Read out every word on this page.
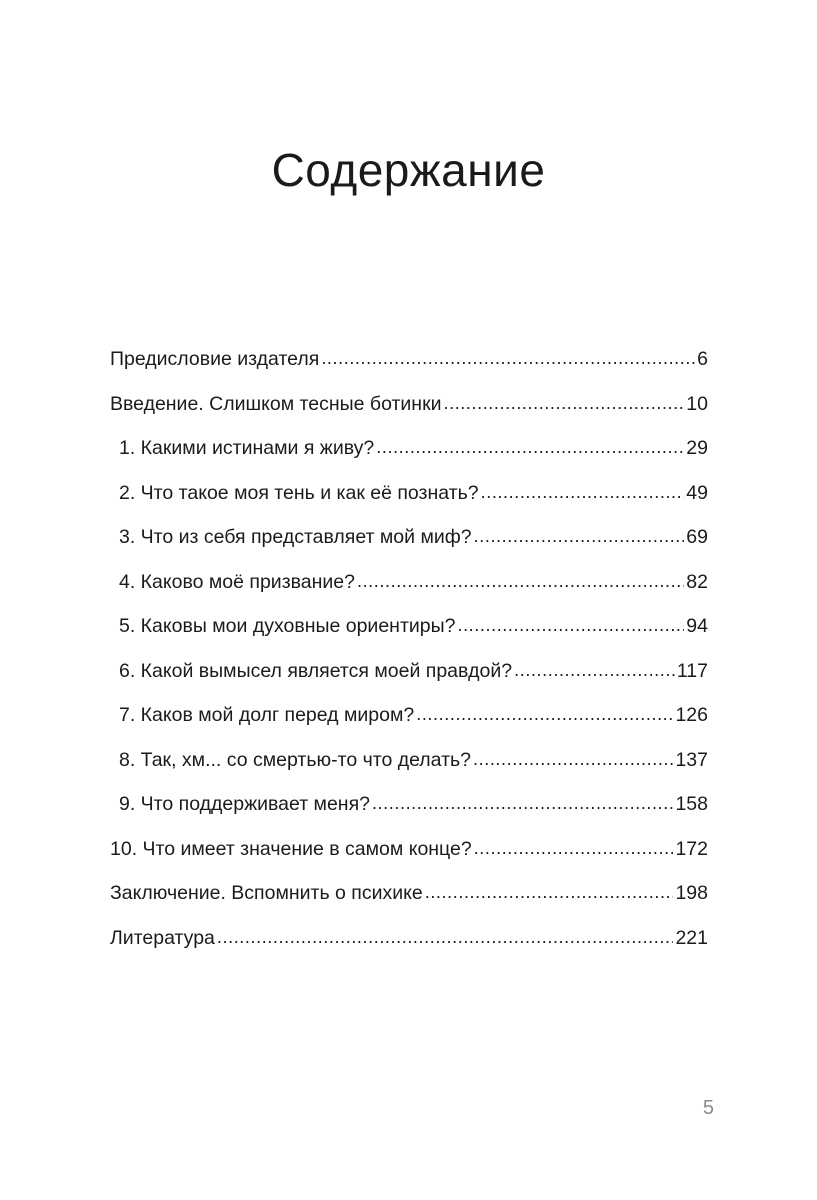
Содержание
Предисловие издателя .....	6
Введение. Слишком тесные ботинки .....	10
1. Какими истинами я живу? .....	29
2. Что такое моя тень и как её познать? .....	49
3. Что из себя представляет мой миф? .....	69
4. Каково моё призвание? .....	82
5. Каковы мои духовные ориентиры? .....	94
6. Какой вымысел является моей правдой? .....	117
7. Каков мой долг перед миром? .....	126
8. Так, хм... со смертью-то что делать? .....	137
9. Что поддерживает меня? .....	158
10. Что имеет значение в самом конце? .....	172
Заключение. Вспомнить о психике .....	198
Литература .....	221
5
